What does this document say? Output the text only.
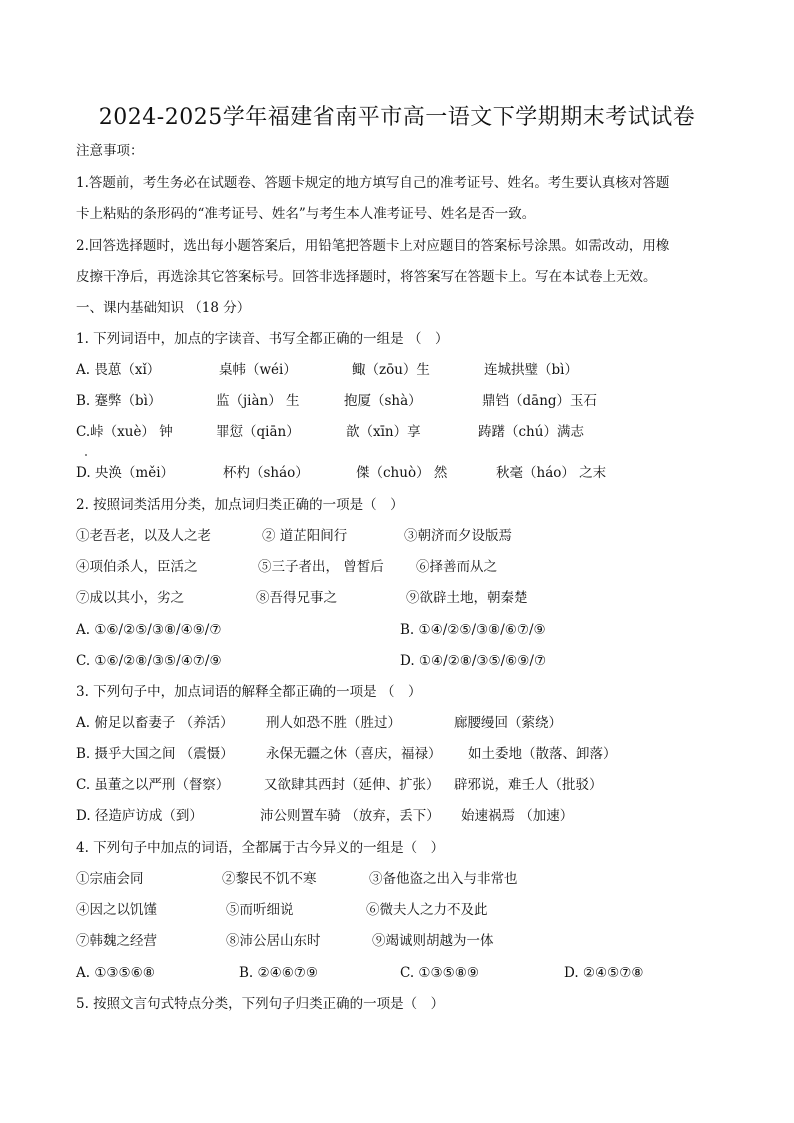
2024-2025学年福建省南平市高一语文下学期期末考试试卷
注意事项：
1.答题前，考生务必在试题卷、答题卡规定的地方填写自己的准考证号、姓名。考生要认真核对答题
卡上粘贴的条形码的“准考证号、姓名”与考生本人准考证号、姓名是否一致。
2.回答选择题时，选出每小题答案后，用铅笔把答题卡上对应题目的答案标号涂黑。如需改动，用橡
皮擦干净后，再选涂其它答案标号。回答非选择题时，将答案写在答题卡上。写在本试卷上无效。
一、课内基础知识 （18 分）
1. 下列词语中，加点的字读音、书写全都正确的一组是 （　）
A. 畏葸（xǐ）	桌帏（wéi）	鲰（zōu）生	连城拱璧（bì）
B. 蹇弊（bì）	监（jiàn） 生	抱厦（shà）	鼎铛（dāng）玉石
C.峠（xuè） 钟	罪愆（qiān）	歆（xīn）享	踌躇（chú）满志
D. 央涣（měi）	杯杓（sháo）	傑（chuò） 然	秋毫（háo） 之末
2. 按照词类活用分类，加点词归类正确的一项是（　）
①老吾老，以及人之老	② 道芷阳间行	③朝济而夕设版焉
④项伯杀人，臣活之	⑤三子者出， 曾皙后 ⑥择善而从之
⑦成以其小，劣之	⑧吾得兄事之	⑨欲辟土地，朝秦楚
A. ①⑥/②⑤/③⑧/④⑨/⑦	B. ①④/②⑤/③⑧/⑥⑦/⑨
C. ①⑥/②⑧/③⑤/④⑦/⑨	D. ①④/②⑧/③⑤/⑥⑨/⑦
3. 下列句子中，加点词语的解释全都正确的一项是 （　）
A. 俯足以畜妻子 （养活） 刑人如恐不胜（胜过）	廊腰缦回（萦绕）
B. 摄乎大国之间 （震慑） 永保无疆之休（喜庆，福禄） 如土委地（散落、卸落）
C. 虽董之以严刑（督察）	又欲肆其西封（延伸、扩张） 辟邪说，难壬人（批驳）
D. 径造庐访成（到）	沛公则置车骑 （放弃，丢下） 始速祸焉 （加速）
4. 下列句子中加点的词语，全都属于古今异义的一组是（　）
①宗庙会同	②黎民不饥不寒	③备他盗之出入与非常也
④因之以饥馑	⑤而听细说	⑥微夫人之力不及此
⑦韩魏之经营	⑧沛公居山东时	⑨竭诚则胡越为一体
A. ①③⑤⑥⑧	B. ②④⑥⑦⑨	C. ①③⑤⑧⑨	D. ②④⑤⑦⑧
5. 按照文言句式特点分类，下列句子归类正确的一项是（　）
